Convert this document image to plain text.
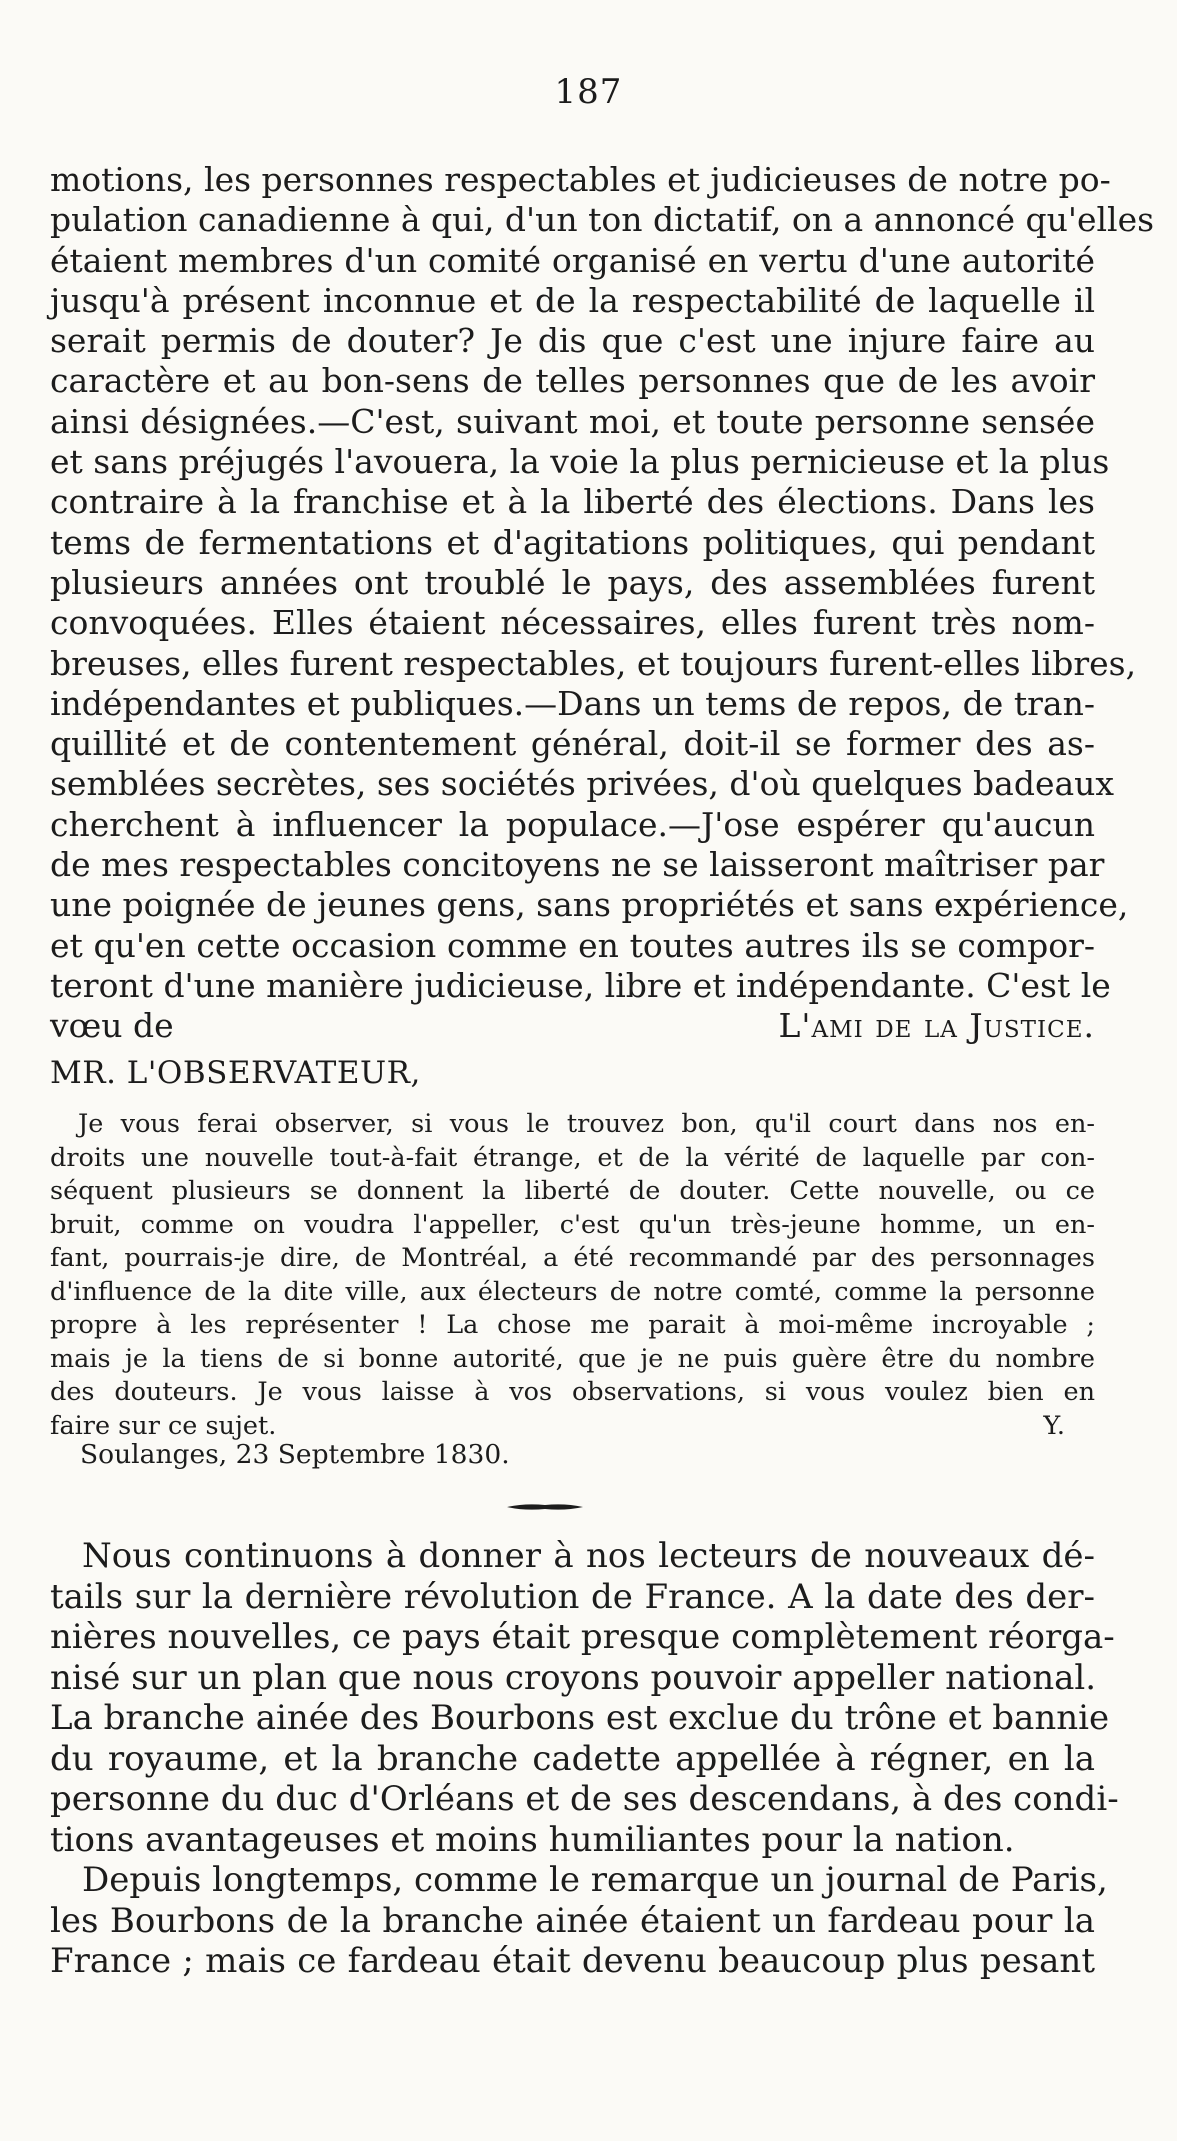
187
motions, les personnes respectables et judicieuses de notre po-
pulation canadienne à qui, d'un ton dictatif, on a annoncé qu'elles
étaient membres d'un comité organisé en vertu d'une autorité
jusqu'à présent inconnue et de la respectabilité de laquelle il
serait permis de douter? Je dis que c'est une injure faire au
caractère et au bon-sens de telles personnes que de les avoir
ainsi désignées.—C'est, suivant moi, et toute personne sensée
et sans préjugés l'avouera, la voie la plus pernicieuse et la plus
contraire à la franchise et à la liberté des élections. Dans les
tems de fermentations et d'agitations politiques, qui pendant
plusieurs années ont troublé le pays, des assemblées furent
convoquées. Elles étaient nécessaires, elles furent très nom-
breuses, elles furent respectables, et toujours furent-elles libres,
indépendantes et publiques.—Dans un tems de repos, de tran-
quillité et de contentement général, doit-il se former des as-
semblées secrètes, ses sociétés privées, d'où quelques badeaux
cherchent à influencer la populace.—J'ose espérer qu'aucun
de mes respectables concitoyens ne se laisseront maîtriser par
une poignée de jeunes gens, sans propriétés et sans expérience,
et qu'en cette occasion comme en toutes autres ils se compor-
teront d'une manière judicieuse, libre et indépendante. C'est le
vœu de	L'ami de la Justice.
MR. L'OBSERVATEUR,
Je vous ferai observer, si vous le trouvez bon, qu'il court dans nos en-
droits une nouvelle tout-à-fait étrange, et de la vérité de laquelle par con-
séquent plusieurs se donnent la liberté de douter. Cette nouvelle, ou ce
bruit, comme on voudra l'appeller, c'est qu'un très-jeune homme, un en-
fant, pourrais-je dire, de Montréal, a été recommandé par des personnages
d'influence de la dite ville, aux électeurs de notre comté, comme la personne
propre à les représenter ! La chose me parait à moi-même incroyable ;
mais je la tiens de si bonne autorité, que je ne puis guère être du nombre
des douteurs. Je vous laisse à vos observations, si vous voulez bien en
faire sur ce sujet.	Y.
Soulanges, 23 Septembre 1830.
Nous continuons à donner à nos lecteurs de nouveaux dé-
tails sur la dernière révolution de France. A la date des der-
nières nouvelles, ce pays était presque complètement réorga-
nisé sur un plan que nous croyons pouvoir appeller national.
La branche ainée des Bourbons est exclue du trône et bannie
du royaume, et la branche cadette appellée à régner, en la
personne du duc d'Orléans et de ses descendans, à des condi-
tions avantageuses et moins humiliantes pour la nation.
Depuis longtemps, comme le remarque un journal de Paris,
les Bourbons de la branche ainée étaient un fardeau pour la
France ; mais ce fardeau était devenu beaucoup plus pesant
